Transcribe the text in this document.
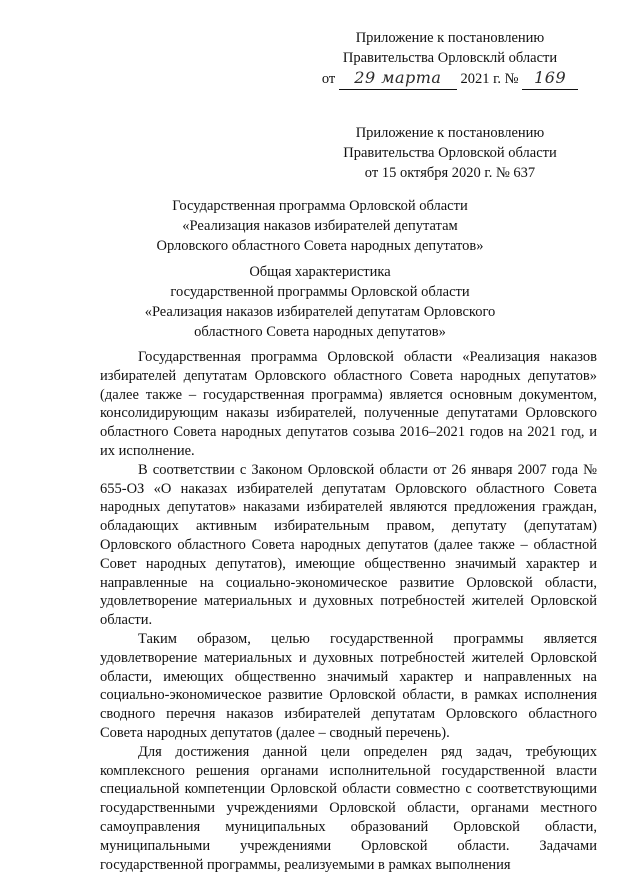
Приложение к постановлению
Правительства Орловсклй области
от 29 марта 2021 г. № 169
Приложение к постановлению
Правительства Орловской области
от 15 октября 2020 г. № 637
Государственная программа Орловской области
«Реализация наказов избирателей депутатам
Орловского областного Совета народных депутатов»
Общая характеристика
государственной программы Орловской области
«Реализация наказов избирателей депутатам Орловского
областного Совета народных депутатов»

Государственная программа Орловской области «Реализация наказов избирателей депутатам Орловского областного Совета народных депутатов» (далее также – государственная программа) является основным документом, консолидирующим наказы избирателей, полученные депутатами Орловского областного Совета народных депутатов созыва 2016–2021 годов на 2021 год, и их исполнение.

В соответствии с Законом Орловской области от 26 января 2007 года № 655-ОЗ «О наказах избирателей депутатам Орловского областного Совета народных депутатов» наказами избирателей являются предложения граждан, обладающих активным избирательным правом, депутату (депутатам) Орловского областного Совета народных депутатов (далее также – областной Совет народных депутатов), имеющие общественно значимый характер и направленные на социально-экономическое развитие Орловской области, удовлетворение материальных и духовных потребностей жителей Орловской области.

Таким образом, целью государственной программы является удовлетворение материальных и духовных потребностей жителей Орловской области, имеющих общественно значимый характер и направленных на социально-экономическое развитие Орловской области, в рамках исполнения сводного перечня наказов избирателей депутатам Орловского областного Совета народных депутатов (далее – сводный перечень).

Для достижения данной цели определен ряд задач, требующих комплексного решения органами исполнительной государственной власти специальной компетенции Орловской области совместно с соответствующими государственными учреждениями Орловской области, органами местного самоуправления муниципальных образований Орловской области, муниципальными учреждениями Орловской области. Задачами государственной программы, реализуемыми в рамках выполнения
